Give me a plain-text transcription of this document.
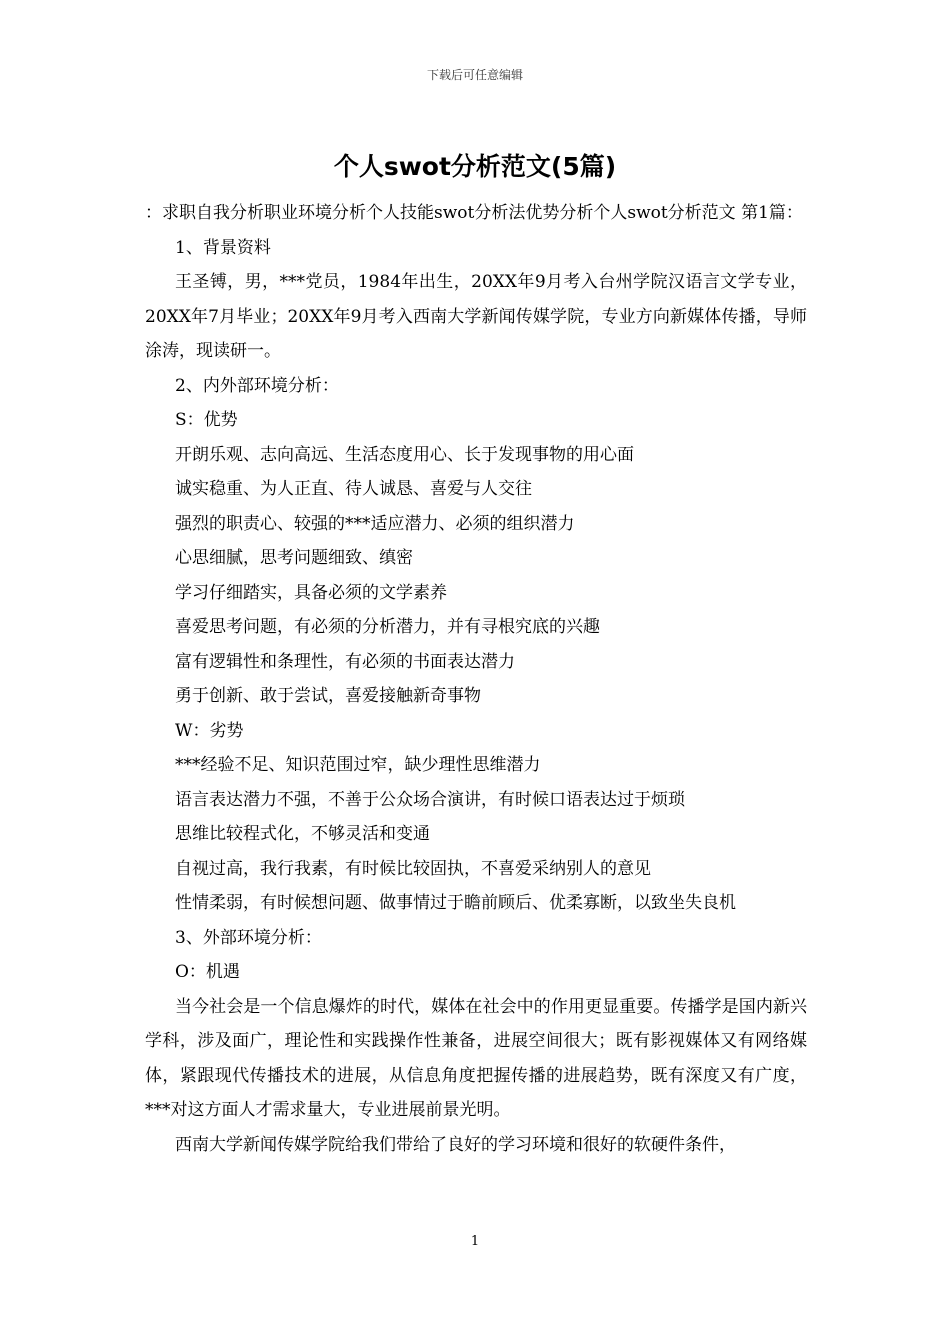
下载后可任意编辑
个人swot分析范文(5篇)

：求职自我分析职业环境分析个人技能swot分析法优势分析个人swot分析范文 第1篇：

1、背景资料

王圣镈，男，***党员，1984年出生，20XX年9月考入台州学院汉语言文学专业，20XX年7月毕业；20XX年9月考入西南大学新闻传媒学院，专业方向新媒体传播，导师涂涛，现读研一。

2、内外部环境分析：

S：优势

开朗乐观、志向高远、生活态度用心、长于发现事物的用心面

诚实稳重、为人正直、待人诚恳、喜爱与人交往

强烈的职责心、较强的***适应潜力、必须的组织潜力

心思细腻，思考问题细致、缜密

学习仔细踏实，具备必须的文学素养

喜爱思考问题，有必须的分析潜力，并有寻根究底的兴趣

富有逻辑性和条理性，有必须的书面表达潜力

勇于创新、敢于尝试，喜爱接触新奇事物

W：劣势

***经验不足、知识范围过窄，缺少理性思维潜力

语言表达潜力不强，不善于公众场合演讲，有时候口语表达过于烦琐

思维比较程式化，不够灵活和变通

自视过高，我行我素，有时候比较固执，不喜爱采纳别人的意见

性情柔弱，有时候想问题、做事情过于瞻前顾后、优柔寡断，以致坐失良机

3、外部环境分析：

O：机遇

当今社会是一个信息爆炸的时代，媒体在社会中的作用更显重要。传播学是国内新兴学科，涉及面广，理论性和实践操作性兼备，进展空间很大；既有影视媒体又有网络媒体，紧跟现代传播技术的进展，从信息角度把握传播的进展趋势，既有深度又有广度，***对这方面人才需求量大，专业进展前景光明。

西南大学新闻传媒学院给我们带给了良好的学习环境和很好的软硬件条件，

1
